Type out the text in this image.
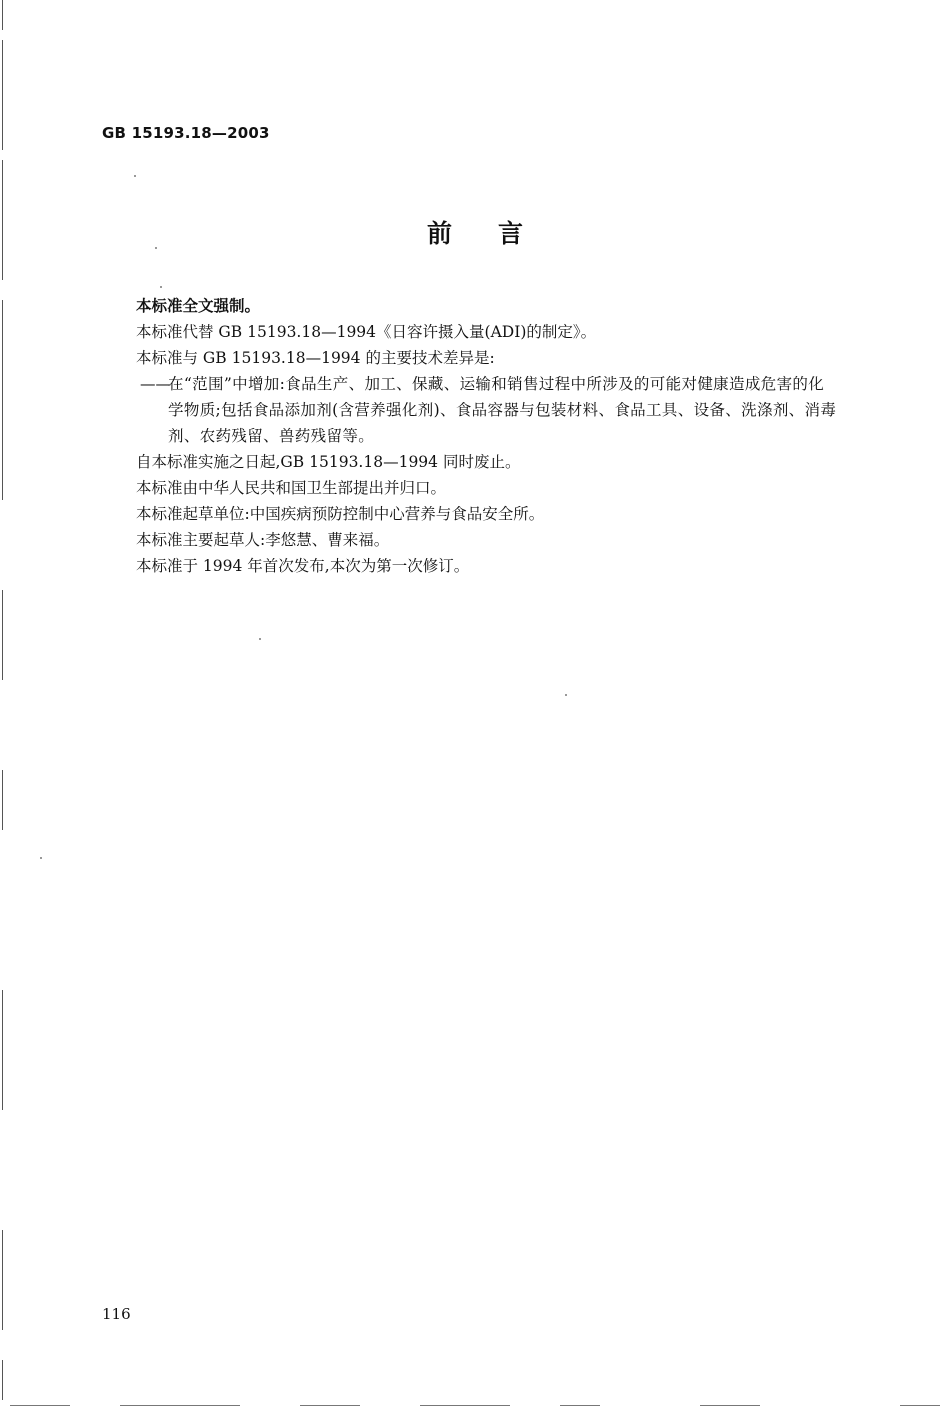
GB 15193.18—2003
前言

本标准全文强制。

本标准代替 GB 15193.18—1994《日容许摄入量(ADI)的制定》。

本标准与 GB 15193.18—1994 的主要技术差异是:

——
在“范围”中增加:食品生产、加工、保藏、运输和销售过程中所涉及的可能对健康造成危害的化
学物质;包括食品添加剂(含营养强化剂)、食品容器与包装材料、食品工具、设备、洗涤剂、消毒
剂、农药残留、兽药残留等。

自本标准实施之日起,GB 15193.18—1994 同时废止。

本标准由中华人民共和国卫生部提出并归口。

本标准起草单位:中国疾病预防控制中心营养与食品安全所。

本标准主要起草人:李悠慧、曹来福。

本标准于 1994 年首次发布,本次为第一次修订。

116
